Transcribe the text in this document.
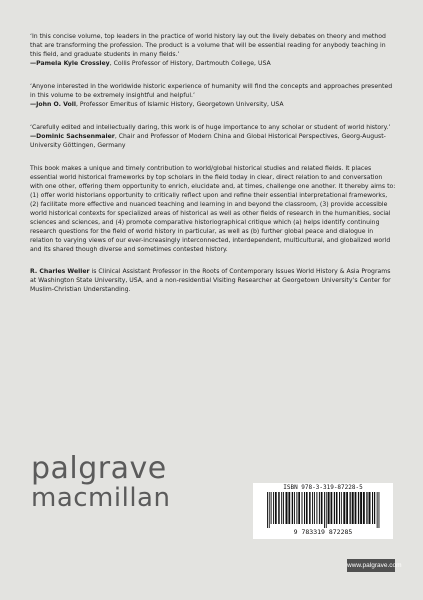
‘In this concise volume, top leaders in the practice of world history lay out the lively debates on theory and method that are transforming the profession. The product is a volume that will be essential reading for anybody teaching in this field, and graduate students in many fields.’
—Pamela Kyle Crossley, Collis Professor of History, Dartmouth College, USA
‘Anyone interested in the worldwide historic experience of humanity will find the concepts and approaches presented in this volume to be extremely insightful and helpful.’
—John O. Voll, Professor Emeritus of Islamic History, Georgetown University, USA
‘Carefully edited and intellectually daring, this work is of huge importance to any scholar or student of world history.’
—Dominic Sachsenmaier, Chair and Professor of Modern China and Global Historical Perspectives, Georg-August-University Göttingen, Germany
This book makes a unique and timely contribution to world/global historical studies and related fields. It places essential world historical frameworks by top scholars in the field today in clear, direct relation to and conversation with one other, offering them opportunity to enrich, elucidate and, at times, challenge one another. It thereby aims to: (1) offer world historians opportunity to critically reflect upon and refine their essential interpretational frameworks, (2) facilitate more effective and nuanced teaching and learning in and beyond the classroom, (3) provide accessible world historical contexts for specialized areas of historical as well as other fields of research in the humanities, social sciences and sciences, and (4) promote comparative historiographical critique which (a) helps identify continuing research questions for the field of world history in particular, as well as (b) further global peace and dialogue in relation to varying views of our ever-increasingly interconnected, interdependent, multicultural, and globalized world and its shared though diverse and sometimes contested history.
R. Charles Weller is Clinical Assistant Professor in the Roots of Contemporary Issues World History & Asia Programs at Washington State University, USA, and a non-residential Visiting Researcher at Georgetown University’s Center for Muslim-Christian Understanding.
palgrave
macmillan	ISBN 978-3-319-87228-5
9 783319 872285
www.palgrave.com
